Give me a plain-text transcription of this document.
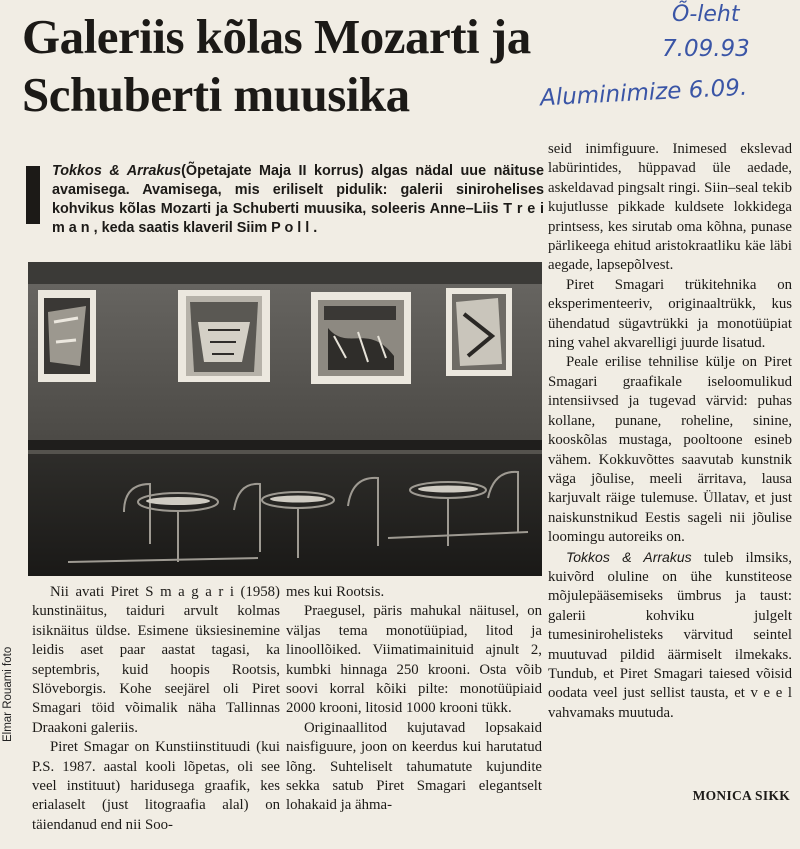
Galeriis kõlas Mozarti ja
Schuberti muusika
Õ-leht
7.09.93
Aluminimize 6.09.

Tokkos & Arrakus(Õpetajate Maja II korrus) algas nädal uue näituse avamisega. Avamisega, mis eriliselt pidulik: galerii sinirohelises kohvikus kõlas Mozarti ja Schuberti muusika, soleeris Anne–Liis T r e i m a n , keda saatis klaveril Siim P o l l .

Elmar Rouami foto

Nii avati Piret S m a g a r i (1958) kunstinäitus, taiduri arvult kolmas isiknäitus üldse. Esimene üksiesinemine leidis aset paar aastat tagasi, ka septembris, kuid hoopis Rootsis, Slöveborgis. Kohe seejärel oli Piret Smagari töid võimalik näha Tallinnas Draakoni galeriis.

Piret Smagar on Kunstiinstituudi (kui P.S. 1987. aastal kooli lõpetas, oli see veel instituut) haridusega graafik, kes erialaselt (just litograafia alal) on täiendanud end nii Soo-

mes kui Rootsis.

Praegusel, päris mahukal näitusel, on väljas tema monotüüpiad, litod ja linoollõiked. Viimatimainituid ajnult 2, kumbki hinnaga 250 krooni. Osta võib soovi korral kõiki pilte: monotüüpiaid 2000 krooni, litosid 1000 krooni tükk.

Originaallitod kujutavad lopsakaid naisfiguure, joon on keerdus kui harutatud lõng. Suhteliselt tahumatute kujundite sekka satub Piret Smagari elegantselt lohakaid ja ähma-

seid inimfiguure. Inimesed ekslevad labürintides, hüppavad üle aedade, askeldavad pingsalt ringi. Siin–seal tekib kujutlusse pikkade kuldsete lokkidega printsess, kes sirutab oma kõhna, punase pärlikeega ehitud aristokraatliku käe läbi aegade, lapsepõlvest.

Piret Smagari trükitehnika on eksperimenteeriv, originaaltrükk, kus ühendatud sügavtrükki ja monotüüpiat ning vahel akvarelligi juurde lisatud.

Peale erilise tehnilise külje on Piret Smagari graafikale iseloomulikud intensiivsed ja tugevad värvid: puhas kollane, punane, roheline, sinine, kooskõlas mustaga, pooltoone esineb vähem. Kokkuvõttes saavutab kunstnik väga jõulise, meeli ärritava, lausa karjuvalt räige tulemuse. Üllatav, et just naiskunstnikud Eestis sageli nii jõulise loomingu autoreiks on.

Tokkos & Arrakus tuleb ilmsiks, kuivõrd oluline on ühe kunstiteose mõjulepääsemiseks ümbrus ja taust: galerii kohviku julgelt tumesinirohelisteks värvitud seintel muutuvad pildid äärmiselt ilmekaks. Tundub, et Piret Smagari taiesed võisid oodata veel just sellist tausta, et v e e l vahvamaks muutuda.

MONICA SIKK
